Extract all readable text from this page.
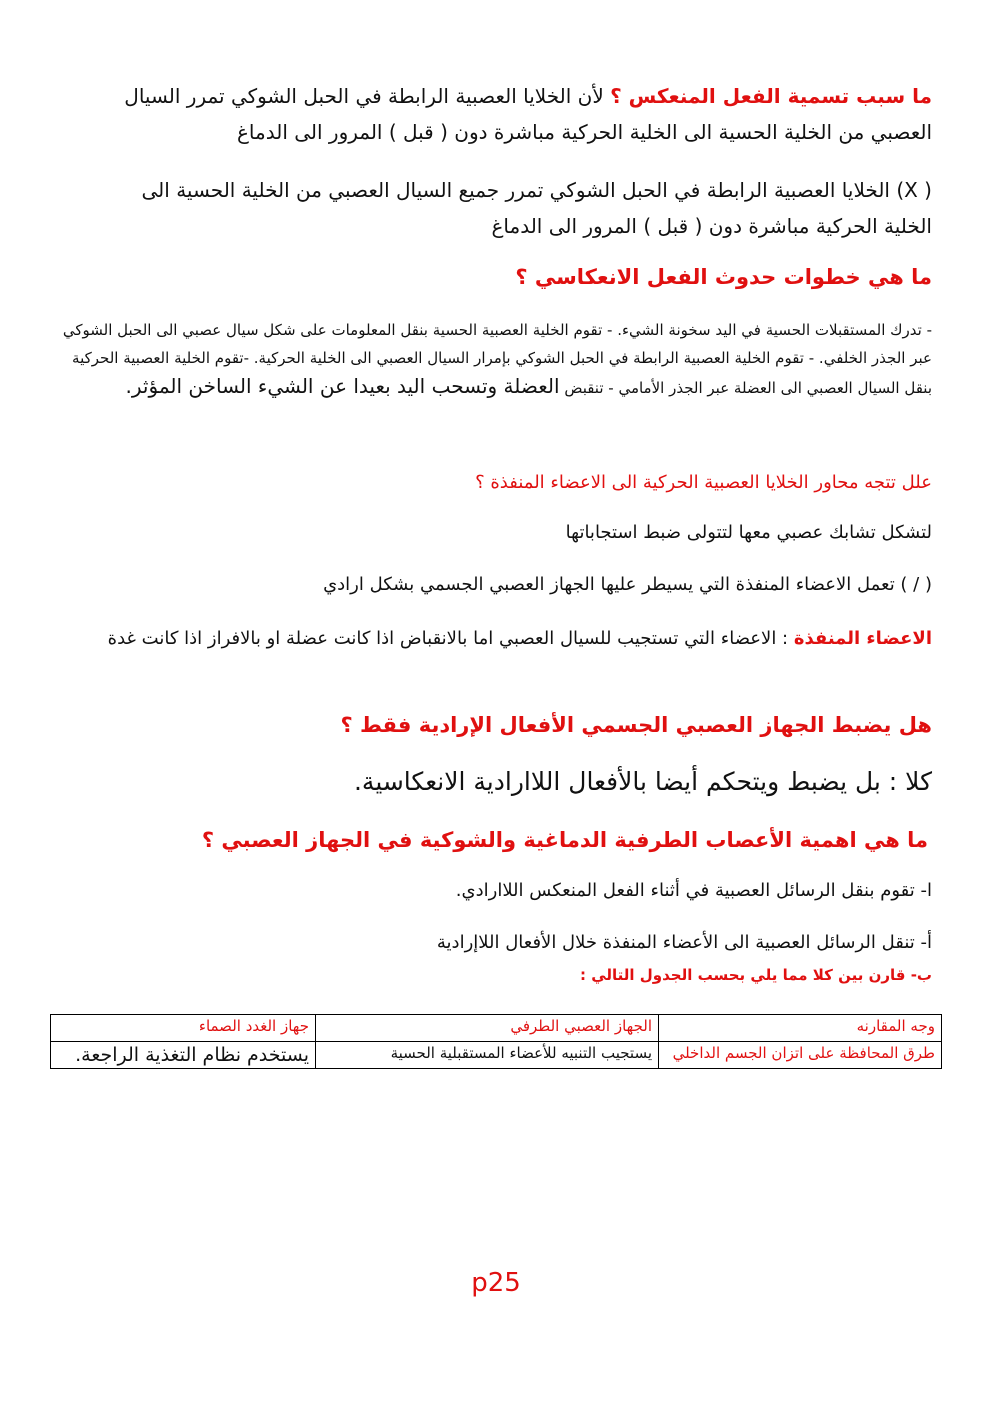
ما سبب تسمية الفعل المنعكس ؟ لأن الخلايا العصبية الرابطة في الحبل الشوكي تمرر السيال العصبي من الخلية الحسية الى الخلية الحركية مباشرة دون ( قبل ) المرور الى الدماغ
( X) الخلايا العصبية الرابطة في الحبل الشوكي تمرر جميع السيال العصبي من الخلية الحسية الى الخلية الحركية مباشرة دون ( قبل ) المرور الى الدماغ
ما هي خطوات حدوث الفعل الانعكاسي ؟
- تدرك المستقبلات الحسية في اليد سخونة الشيء. - تقوم الخلية العصبية الحسية بنقل المعلومات على شكل سيال عصبي الى الحبل الشوكي عبر الجذر الخلفي. - تقوم الخلية العصبية الرابطة في الحبل الشوكي بإمرار السيال العصبي الى الخلية الحركية. -تقوم الخلية العصبية الحركية بنقل السيال العصبي الى العضلة عبر الجذر الأمامي - تنقبض العضلة وتسحب اليد بعيدا عن الشيء الساخن المؤثر.
علل تتجه محاور الخلايا العصبية الحركية الى الاعضاء المنفذة ؟
لتشكل تشابك عصبي معها لتتولى ضبط استجاباتها
( / ) تعمل الاعضاء المنفذة التي يسيطر عليها الجهاز العصبي الجسمي بشكل ارادي
الاعضاء المنفذة : الاعضاء التي تستجيب للسيال العصبي اما بالانقباض اذا كانت عضلة او بالافراز اذا كانت غدة
هل يضبط الجهاز العصبي الجسمي الأفعال الإرادية فقط ؟
كلا : بل يضبط ويتحكم أيضا بالأفعال اللاارادية الانعكاسية.
ما هي اهمية الأعصاب الطرفية الدماغية والشوكية في الجهاز العصبي ؟
ا- تقوم بنقل الرسائل العصبية في أثناء الفعل المنعكس اللاارادي.
أ- تنقل الرسائل العصبية الى الأعضاء المنفذة خلال الأفعال اللاإرادية
ب- قارن بين كلا مما يلي بحسب الجدول التالي :
وجه المقارنه	الجهاز العصبي الطرفي	جهاز الغدد الصماء
طرق المحافظة على اتزان الجسم الداخلي	يستجيب التنبيه للأعضاء المستقبلية الحسية	يستخدم نظام التغذية الراجعة.
p25
